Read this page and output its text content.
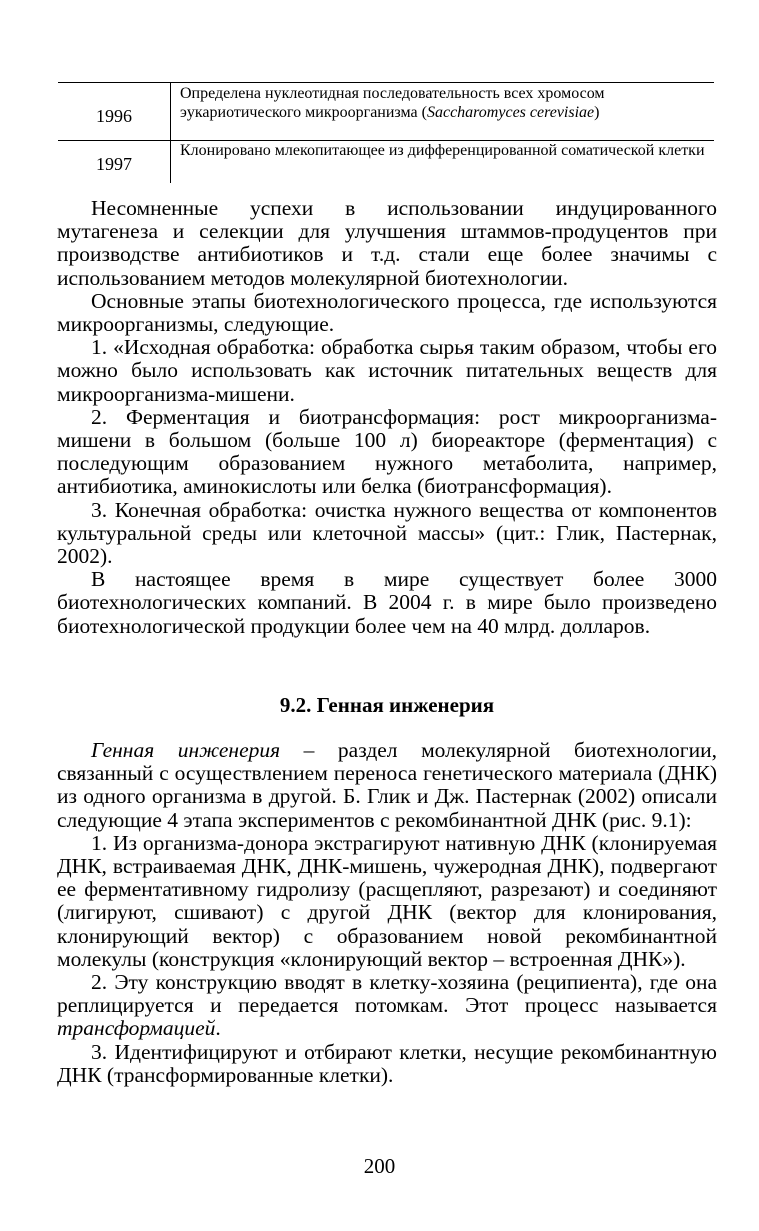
1996
Определена нуклеотидная последовательность всех хромосом эукариотического микроорганизма (Saccharomyces cerevisiae)
1997
Клонировано млекопитающее из дифференцированной соматической клетки

Несомненные успехи в использовании индуцированного мутагенеза и селекции для улучшения штаммов-продуцентов при производстве антибиотиков и т.д. стали еще более значимы с использованием методов молекулярной биотехнологии.

Основные этапы биотехнологического процесса, где используются микроорганизмы, следующие.

1. «Исходная обработка: обработка сырья таким образом, чтобы его можно было использовать как источник питательных веществ для микроорганизма-мишени.

2. Ферментация и биотрансформация: рост микроорганизма-мишени в большом (больше 100 л) биореакторе (ферментация) с последующим образованием нужного метаболита, например, антибиотика, аминокислоты или белка (биотрансформация).

3. Конечная обработка: очистка нужного вещества от компонентов культуральной среды или клеточной массы» (цит.: Глик, Пастернак, 2002).

В настоящее время в мире существует более 3000 биотехнологических компаний. В 2004 г. в мире было произведено биотехнологической продукции более чем на 40 млрд. долларов.

9.2. Генная инженерия

Генная инженерия – раздел молекулярной биотехнологии, связанный с осуществлением переноса генетического материала (ДНК) из одного организма в другой. Б. Глик и Дж. Пастернак (2002) описали следующие 4 этапа экспериментов с рекомбинантной ДНК (рис. 9.1):

1. Из организма-донора экстрагируют нативную ДНК (клонируемая ДНК, встраиваемая ДНК, ДНК-мишень, чужеродная ДНК), подвергают ее ферментативному гидролизу (расщепляют, разрезают) и соединяют (лигируют, сшивают) с другой ДНК (вектор для клонирования, клонирующий вектор) с образованием новой рекомбинантной молекулы (конструкция «клонирующий вектор – встроенная ДНК»).

2. Эту конструкцию вводят в клетку-хозяина (реципиента), где она реплицируется и передается потомкам. Этот процесс называется трансформацией.

3. Идентифицируют и отбирают клетки, несущие рекомбинантную ДНК (трансформированные клетки).

200
